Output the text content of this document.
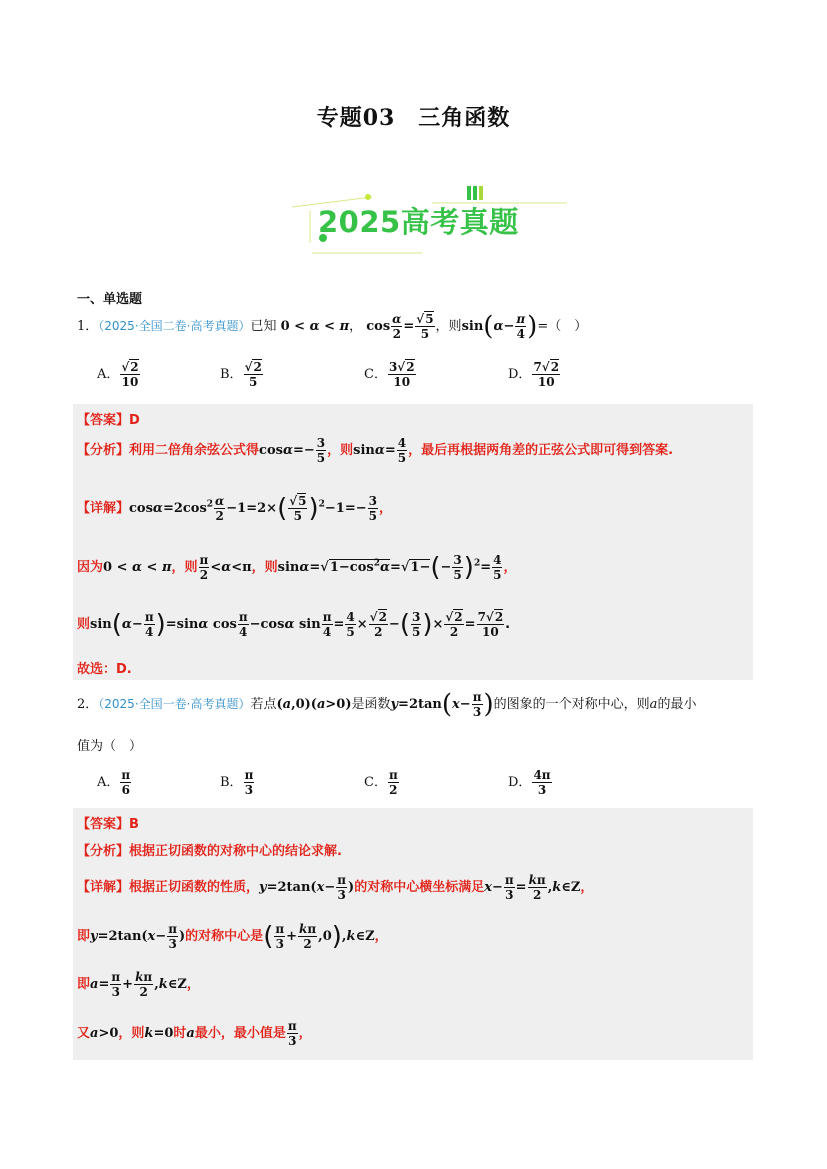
专题03　三角函数
2025高考真题
一、单选题
1．（2025·全国二卷·高考真题）已知 0 < α < π， $\cos \frac{\alpha}{2} = \frac{√5}{5}$ ，则$\sin(\alpha- \frac{\pi}{4}$ )=（　）
A． $\frac{√2}{10}$	B． $\frac{√2}{5}$	C． $\frac{3√2}{10}$	D． $\frac{7√2}{10}$
【答案】D
【分析】利用二倍角余弦公式得$\cos\alpha=- \frac{3}{5}$ ，则$\sin\alpha= \frac{4}{5}$ ，最后再根据两角差的正弦公式即可得到答案.
【详解】$\cos\alpha=2\cos^2 \frac{\alpha}{2} -1=2\times( \frac{√5}{5} )^2-1=- \frac{3}{5}$ ，
因为0 < α < π，则 $\frac{\pi}{2} <\alpha<\pi$，则$\sin\alpha=√1-\cos^2\alpha=√1-(- \frac{3}{5} )^2= \frac{4}{5}$ ，
则$\sin(\alpha- \frac{\pi}{4} )=\sin\alpha$ $\cos \frac{\pi}{4} -\cos\alpha$ $\sin \frac{\pi}{4} = \frac{4}{5} \times \frac{√2}{2}$ −( $\frac{3}{5}$ )× $\frac{√2}{2} = \frac{7√2}{10}$ .
故选：D.
2．（2025·全国一卷·高考真题）若点(a,0)(a>0)是函数$y=2\tan(x- \frac{\pi}{3}$ )的图象的一个对称中心，则a的最小
值为（　）
A． $\frac{\pi}{6}$	B． $\frac{\pi}{3}$	C． $\frac{\pi}{2}$	D． $\frac{4\pi}{3}$
【答案】B
【分析】根据正切函数的对称中心的结论求解.
【详解】根据正切函数的性质，$y=2\tan(x- \frac{\pi}{3}$ )的对称中心横坐标满足$x- \frac{\pi}{3} = \frac{k\pi}{2}$ ,k∈Z，
即$y=2\tan(x- \frac{\pi}{3}$ )的对称中心是( $\frac{\pi}{3} + \frac{k\pi}{2}$ ,0),k∈Z，
即$a= \frac{\pi}{3} + \frac{k\pi}{2}$ ,k∈Z，
又a>0，则k=0时a最小，最小值是 $\frac{\pi}{3}$ ，
